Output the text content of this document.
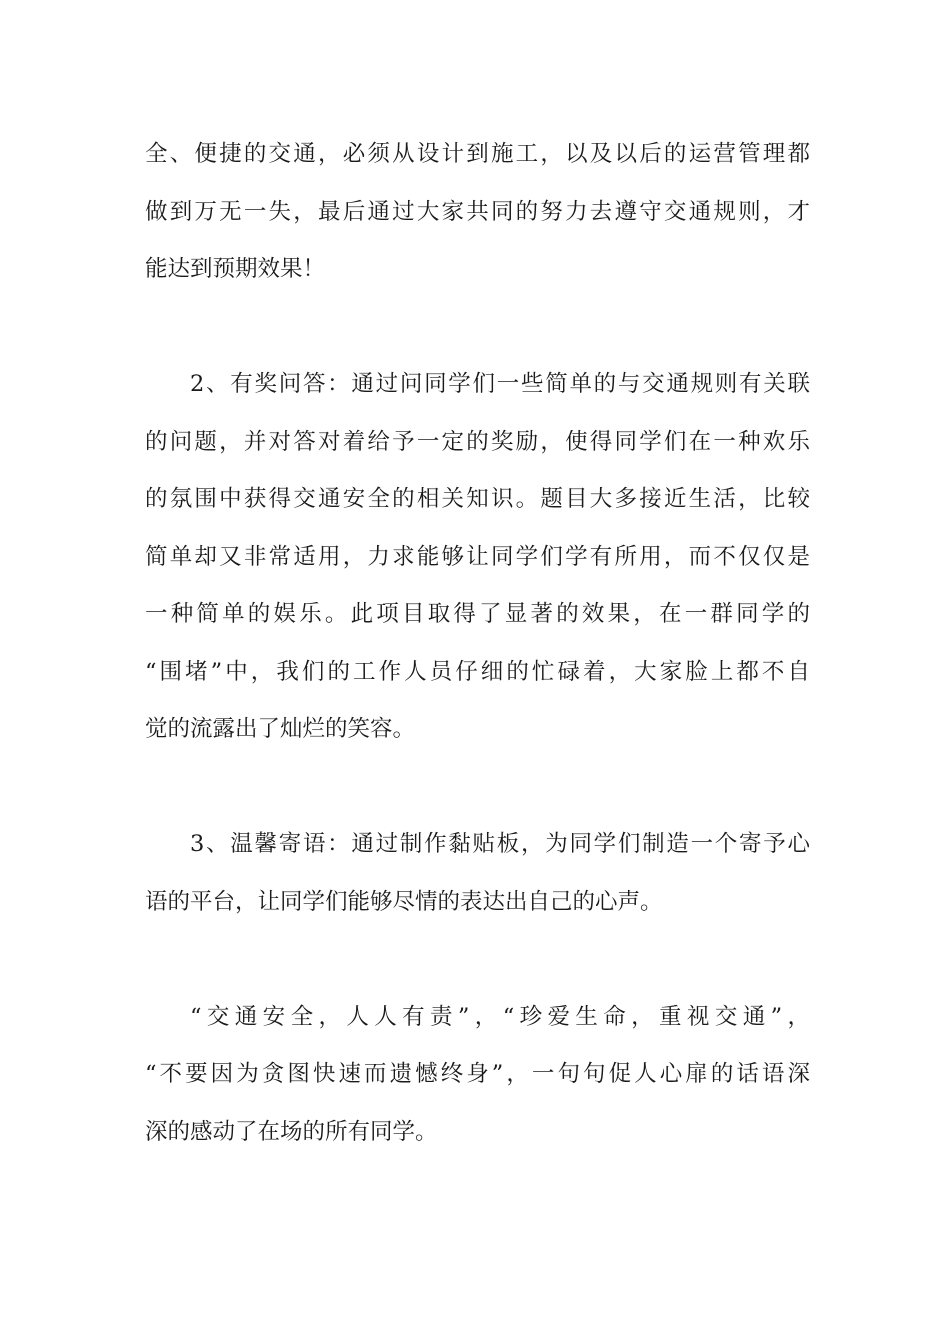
全、便捷的交通，必须从设计到施工，以及以后的运营管理都
做到万无一失，最后通过大家共同的努力去遵守交通规则，才
能达到预期效果！
2、有奖问答：通过问同学们一些简单的与交通规则有关联
的问题，并对答对着给予一定的奖励，使得同学们在一种欢乐
的氛围中获得交通安全的相关知识。题目大多接近生活，比较
简单却又非常适用，力求能够让同学们学有所用，而不仅仅是
一种简单的娱乐。此项目取得了显著的效果，在一群同学的
“围堵”中，我们的工作人员仔细的忙碌着，大家脸上都不自
觉的流露出了灿烂的笑容。
3、温馨寄语：通过制作黏贴板，为同学们制造一个寄予心
语的平台，让同学们能够尽情的表达出自己的心声。
“交通安全，人人有责”，“珍爱生命，重视交通”，
“不要因为贪图快速而遗憾终身”，一句句促人心扉的话语深
深的感动了在场的所有同学。
